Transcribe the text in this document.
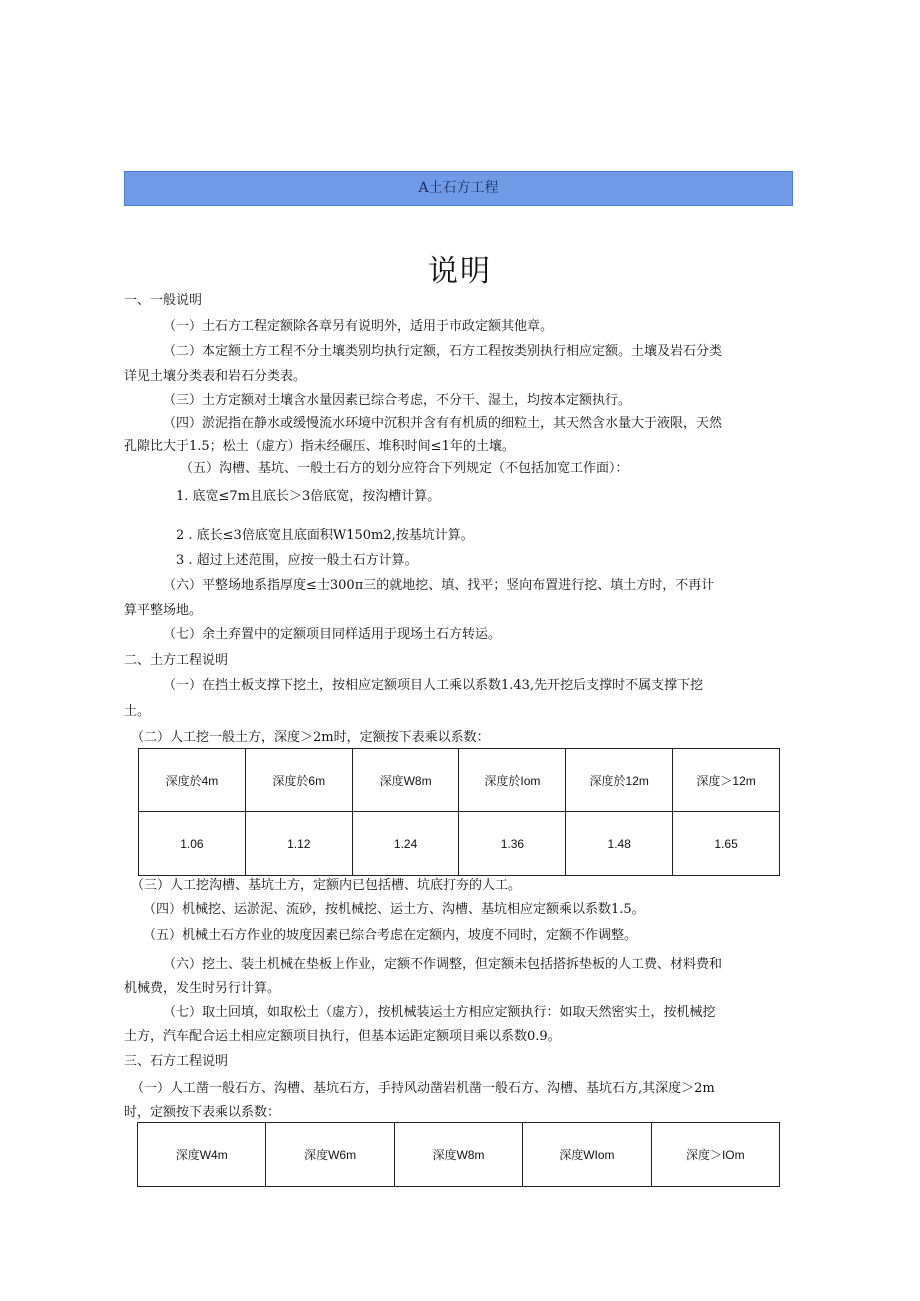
A土石方工程
说明
一、一般说明
（一）土石方工程定额除各章另有说明外，适用于市政定额其他章。
（二）本定额土方工程不分土壤类别均执行定额，石方工程按类别执行相应定额。土壤及岩石分类
详见土壤分类表和岩石分类表。
（三）土方定额对土壤含水量因素已综合考虑，不分干、湿土，均按本定额执行。
（四）淤泥指在静水或缓慢流水环境中沉积并含有有机质的细粒土，其天然含水量大于液限，天然
孔隙比大于1.5；松土（虚方）指未经碾压、堆积时间≤1年的土壤。
（五）沟槽、基坑、一般土石方的划分应符合下列规定（不包括加宽工作面）：
1. 底宽≤7m且底长＞3倍底宽，按沟槽计算。
2 . 底长≤3倍底宽且底面积W150m2,按基坑计算。
3 . 超过上述范围，应按一般土石方计算。
（六）平整场地系指厚度≤士300π三的就地挖、填、找平；竖向布置进行挖、填土方时，不再计
算平整场地。
（七）余土弃置中的定额项目同样适用于现场土石方转运。
二、土方工程说明
（一）在挡土板支撑下挖土，按相应定额项目人工乘以系数1.43,先开挖后支撑时不属支撑下挖
土。
（二）人工挖一般土方，深度＞2m时，定额按下表乘以系数：
深度於4m	深度於6m	深度W8m	深度於Iom	深度於12m	深度＞12m
1.06	1.12	1.24	1.36	1.48	1.65
（三）人工挖沟槽、基坑土方，定额内已包括槽、坑底打夯的人工。
（四）机械挖、运淤泥、流砂，按机械挖、运土方、沟槽、基坑相应定额乘以系数1.5。
（五）机械土石方作业的坡度因素已综合考虑在定额内，坡度不同时，定额不作调整。
（六）挖土、装土机械在垫板上作业，定额不作调整，但定额未包括搭拆垫板的人工费、材料费和
机械费，发生时另行计算。
（七）取土回填，如取松土（虚方），按机械装运土方相应定额执行：如取天然密实土，按机械挖
土方，汽车配合运土相应定额项目执行，但基本运距定额项目乘以系数0.9。
三、石方工程说明
（一）人工凿一般石方、沟槽、基坑石方，手持风动凿岩机凿一般石方、沟槽、基坑石方,其深度＞2m
时，定额按下表乘以系数：
深度W4m	深度W6m	深度W8m	深度WIom	深度＞IOm
